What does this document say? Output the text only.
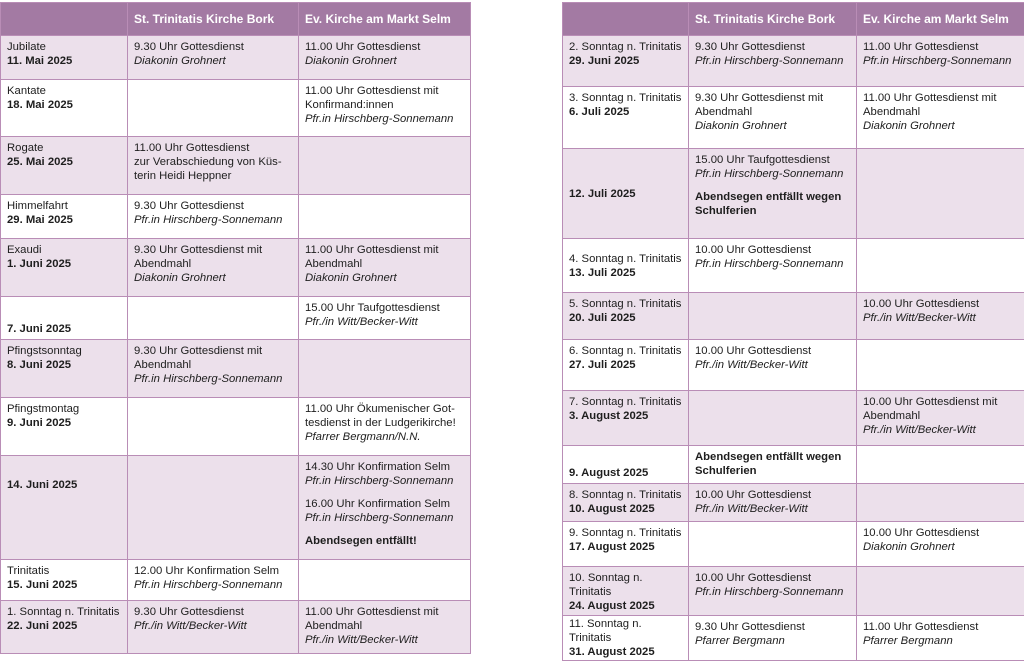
	St. Trinitatis Kirche Bork	Ev. Kirche am Markt Selm

Jubilate
11. Mai 2025	9.30 Uhr Gottesdienst
Diakonin Grohnert	11.00 Uhr Gottesdienst
Diakonin Grohnert

Kantate
18. Mai 2025		11.00 Uhr Gottesdienst mit
Konfirmand:innen
Pfr.in Hirschberg-Sonnemann

Rogate
25. Mai 2025	11.00 Uhr Gottesdienst
zur Verabschiedung von Küs-
terin Heidi Heppner	

Himmelfahrt
29. Mai 2025	9.30 Uhr Gottesdienst
Pfr.in Hirschberg-Sonnemann	

Exaudi
1. Juni 2025	9.30 Uhr Gottesdienst mit
Abendmahl
Diakonin Grohnert	11.00 Uhr Gottesdienst mit
Abendmahl
Diakonin Grohnert

7. Juni 2025		15.00 Uhr Taufgottesdienst
Pfr./in Witt/Becker-Witt

Pfingstsonntag
8. Juni 2025	9.30 Uhr Gottesdienst mit
Abendmahl
Pfr.in Hirschberg-Sonnemann	

Pfingstmontag
9. Juni 2025		11.00 Uhr Ökumenischer Got-
tesdienst in der Ludgerikirche!
Pfarrer Bergmann/N.N.

14. Juni 2025		14.30 Uhr Konfirmation Selm
Pfr.in Hirschberg-Sonnemann
16.00 Uhr Konfirmation Selm
Pfr.in Hirschberg-Sonnemann
Abendsegen entfällt!

Trinitatis
15. Juni 2025	12.00 Uhr Konfirmation Selm
Pfr.in Hirschberg-Sonnemann	

1. Sonntag n. Trinitatis
22. Juni 2025	9.30 Uhr Gottesdienst
Pfr./in Witt/Becker-Witt	11.00 Uhr Gottesdienst mit
Abendmahl
Pfr./in Witt/Becker-Witt
	St. Trinitatis Kirche Bork	Ev. Kirche am Markt Selm

2. Sonntag n. Trinitatis
29. Juni 2025	9.30 Uhr Gottesdienst
Pfr.in Hirschberg-Sonnemann	11.00 Uhr Gottesdienst
Pfr.in Hirschberg-Sonnemann

3. Sonntag n. Trinitatis
6. Juli 2025	9.30 Uhr Gottesdienst mit
Abendmahl
Diakonin Grohnert	11.00 Uhr Gottesdienst mit
Abendmahl
Diakonin Grohnert

12. Juli 2025	15.00 Uhr Taufgottesdienst
Pfr.in Hirschberg-Sonnemann
Abendsegen entfällt wegen Schulferien	

4. Sonntag n. Trinitatis
13. Juli 2025	10.00 Uhr Gottesdienst
Pfr.in Hirschberg-Sonnemann	

5. Sonntag n. Trinitatis
20. Juli 2025		10.00 Uhr Gottesdienst
Pfr./in Witt/Becker-Witt

6. Sonntag n. Trinitatis
27. Juli 2025	10.00 Uhr Gottesdienst
Pfr./in Witt/Becker-Witt	

7. Sonntag n. Trinitatis
3. August 2025		10.00 Uhr Gottesdienst mit
Abendmahl
Pfr./in Witt/Becker-Witt

9. August 2025	Abendsegen entfällt wegen Schulferien	

8. Sonntag n. Trinitatis
10. August 2025	10.00 Uhr Gottesdienst
Pfr./in Witt/Becker-Witt	

9. Sonntag n. Trinitatis
17. August 2025		10.00 Uhr Gottesdienst
Diakonin Grohnert

10. Sonntag n. Trinitatis
24. August 2025	10.00 Uhr Gottesdienst
Pfr.in Hirschberg-Sonnemann	

11. Sonntag n. Trinitatis
31. August 2025	9.30 Uhr Gottesdienst
Pfarrer Bergmann	11.00 Uhr Gottesdienst
Pfarrer Bergmann
